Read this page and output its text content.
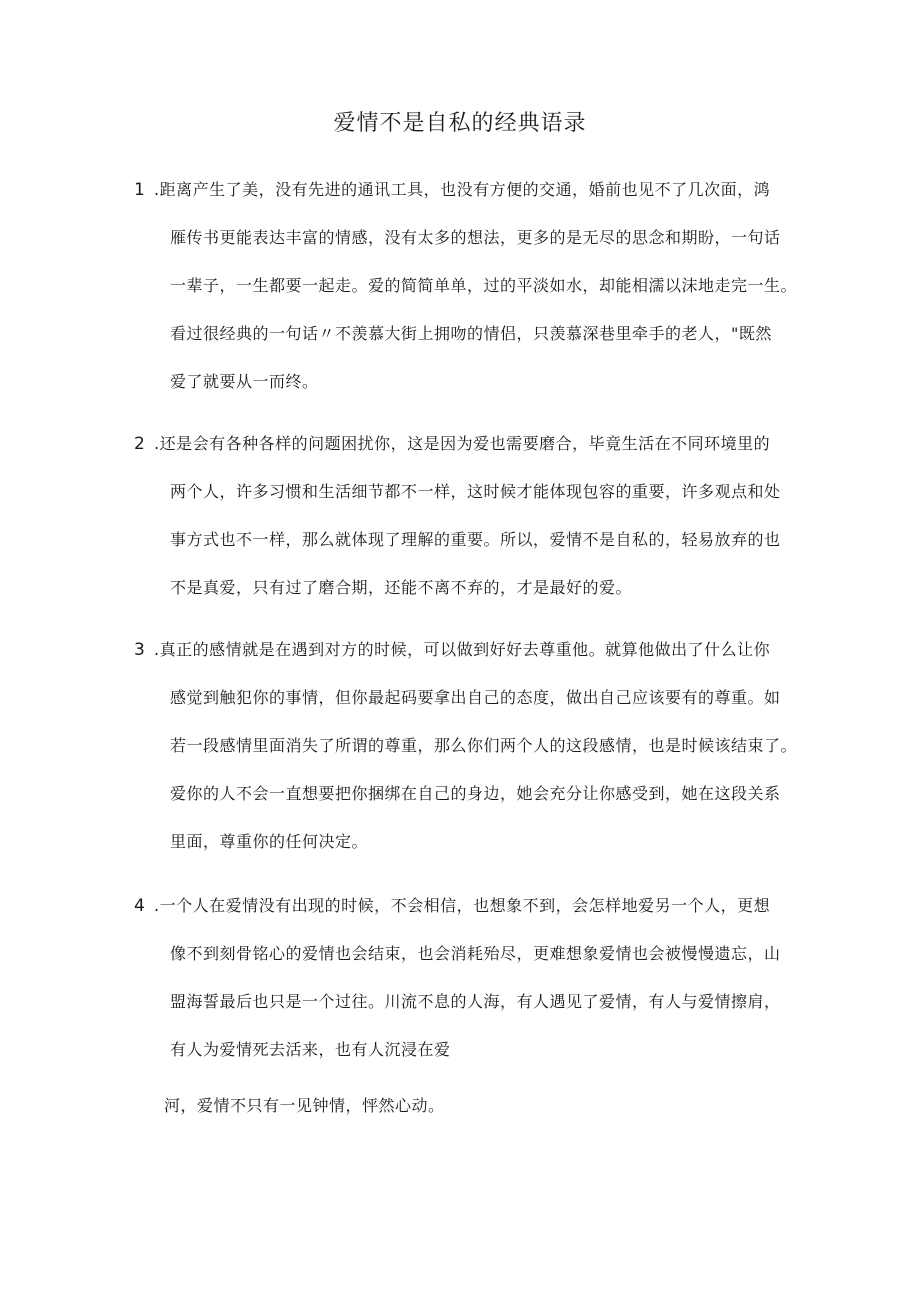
爱情不是自私的经典语录
1 .距离产生了美，没有先进的通讯工具，也没有方便的交通，婚前也见不了几次面，鸿
雁传书更能表达丰富的情感，没有太多的想法，更多的是无尽的思念和期盼，一句话
一辈子，一生都要一起走。爱的简简单单，过的平淡如水，却能相濡以沫地走完一生。
看过很经典的一句话〃不羡慕大街上拥吻的情侣，只羡慕深巷里牵手的老人，"既然
爱了就要从一而终。
2 .还是会有各种各样的问题困扰你，这是因为爱也需要磨合，毕竟生活在不同环境里的
两个人，许多习惯和生活细节都不一样，这时候才能体现包容的重要，许多观点和处
事方式也不一样，那么就体现了理解的重要。所以，爱情不是自私的，轻易放弃的也
不是真爱，只有过了磨合期，还能不离不弃的，才是最好的爱。
3 .真正的感情就是在遇到对方的时候，可以做到好好去尊重他。就算他做出了什么让你
感觉到触犯你的事情，但你最起码要拿出自己的态度，做出自己应该要有的尊重。如
若一段感情里面消失了所谓的尊重，那么你们两个人的这段感情，也是时候该结束了。
爱你的人不会一直想要把你捆绑在自己的身边，她会充分让你感受到，她在这段关系
里面，尊重你的任何决定。
4 .一个人在爱情没有出现的时候，不会相信，也想象不到，会怎样地爱另一个人，更想
像不到刻骨铭心的爱情也会结束，也会消耗殆尽，更难想象爱情也会被慢慢遗忘，山
盟海誓最后也只是一个过往。川流不息的人海，有人遇见了爱情，有人与爱情擦肩，
有人为爱情死去活来，也有人沉浸在爱
河，爱情不只有一见钟情，怦然心动。
